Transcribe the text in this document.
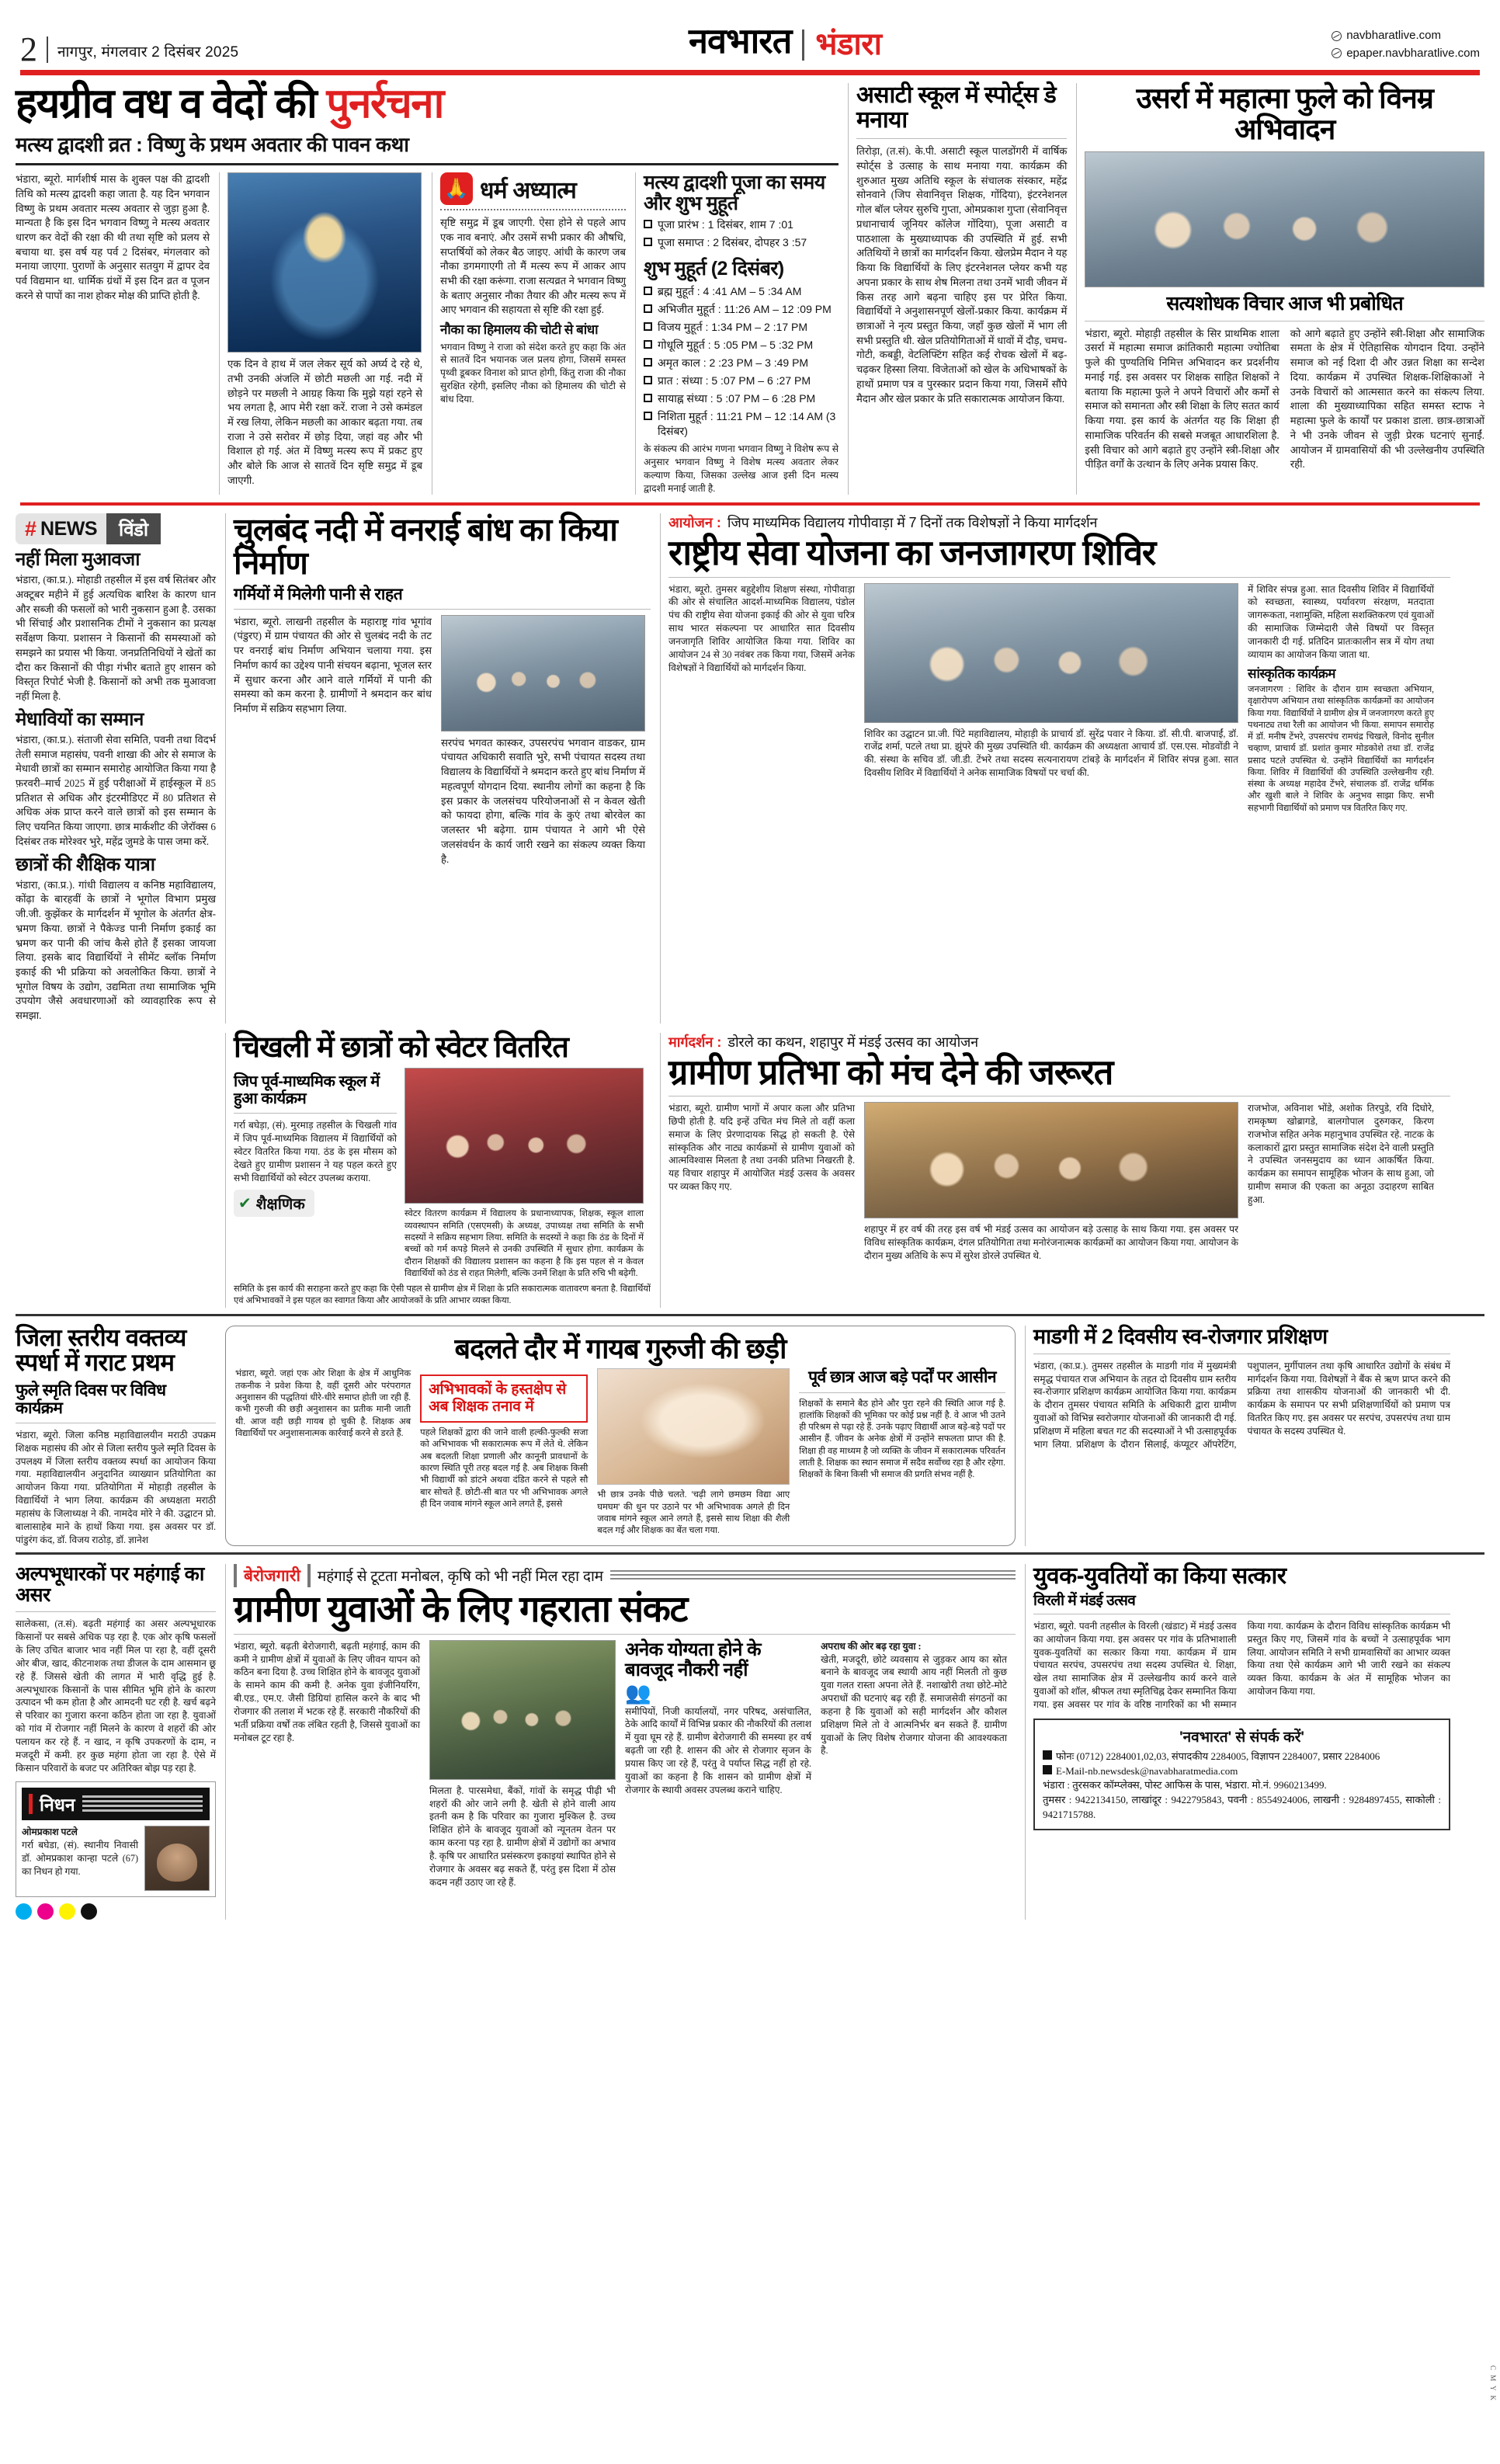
2 नागपुर, मंगलवार 2 दिसंबर 2025	नवभारत भंडारा	navbharatlive.com
epaper.navbharatlive.com
हयग्रीव वध व वेदों की पुनर्रचना
मत्स्य द्वादशी व्रत : विष्णु के प्रथम अवतार की पावन कथा
भंडारा, ब्यूरो. मार्गशीर्ष मास के शुक्ल पक्ष की द्वादशी तिथि को मत्स्य द्वादशी कहा जाता है. यह दिन भगवान विष्णु के प्रथम अवतार मत्स्य अवतार से जुड़ा हुआ है. मान्यता है कि इस दिन भगवान विष्णु ने मत्स्य अवतार धारण कर वेदों की रक्षा की थी तथा सृष्टि को प्रलय से बचाया था. इस वर्ष यह पर्व 2 दिसंबर, मंगलवार को मनाया जाएगा. पुराणों के अनुसार सतयुग में द्वापर देव पर्व विद्यमान था. धार्मिक ग्रंथों में इस दिन व्रत व पूजन करने से पापों का नाश होकर मोक्ष की प्राप्ति होती है.
एक दिन वे हाथ में जल लेकर सूर्य को अर्घ्य दे रहे थे, तभी उनकी अंजलि में छोटी मछली आ गई. नदी में छोड़ने पर मछली ने आग्रह किया कि मुझे यहां रहने से भय लगता है, आप मेरी रक्षा करें. राजा ने उसे कमंडल में रख लिया, लेकिन मछली का आकार बढ़ता गया. तब राजा ने उसे सरोवर में छोड़ दिया, जहां वह और भी विशाल हो गई. अंत में विष्णु मत्स्य रूप में प्रकट हुए और बोले कि आज से सातवें दिन सृष्टि समुद्र में डूब जाएगी.
🙏 धर्म अध्यात्म
सृष्टि समुद्र में डूब जाएगी. ऐसा होने से पहले आप एक नाव बनाएं. और उसमें सभी प्रकार की औषधि, सप्तर्षियों को लेकर बैठ जाइए. आंधी के कारण जब नौका डगमगाएगी तो मैं मत्स्य रूप में आकर आप सभी की रक्षा करूंगा. राजा सत्यव्रत ने भगवान विष्णु के बताए अनुसार नौका तैयार की और मत्स्य रूप में आए भगवान की सहायता से सृष्टि की रक्षा हुई.
नौका का हिमालय की चोटी से बांधा
भगवान विष्णु ने राजा को संदेश करते हुए कहा कि अंत से सातवें दिन भयानक जल प्रलय होगा, जिसमें समस्त पृथ्वी डूबकर विनाश को प्राप्त होगी, किंतु राजा की नौका सुरक्षित रहेगी, इसलिए नौका को हिमालय की चोटी से बांध दिया.
मत्स्य द्वादशी पूजा का समय और शुभ मुहूर्त
पूजा प्रारंभ : 1 दिसंबर, शाम 7 :01
पूजा समाप्त : 2 दिसंबर, दोपहर 3 :57
शुभ मुहूर्त (2 दिसंबर)
ब्रह्म मुहूर्त : 4 :41 AM – 5 :34 AM
अभिजीत मुहूर्त : 11:26 AM – 12 :09 PM
विजय मुहूर्त : 1:34 PM – 2 :17 PM
गोधूलि मुहूर्त : 5 :05 PM – 5 :32 PM
अमृत काल : 2 :23 PM – 3 :49 PM
प्रात : संध्या : 5 :07 PM – 6 :27 PM
सायाह्न संध्या : 5 :07 PM – 6 :28 PM
निशिता मुहूर्त : 11:21 PM – 12 :14 AM (3 दिसंबर)
के संकल्प की आरंभ गणना भगवान विष्णु ने विशेष रूप से अनुसार भगवान विष्णु ने विशेष मत्स्य अवतार लेकर कल्याण किया, जिसका उल्लेख आज इसी दिन मत्स्य द्वादशी मनाई जाती है.
असाटी स्कूल में स्पोर्ट्स डे मनाया
तिरोड़ा, (त.सं). के.पी. असाटी स्कूल पालडोंगरी में वार्षिक स्पोर्ट्स डे उत्साह के साथ मनाया गया. कार्यक्रम की शुरुआत मुख्य अतिथि स्कूल के संचालक संस्कार, महेंद्र सोनवाने (जिप सेवानिवृत्त शिक्षक, गोंदिया), इंटरनेशनल गोल बॉल प्लेयर सुरुचि गुप्ता, ओमप्रकाश गुप्ता (सेवानिवृत्त प्रधानाचार्य जूनियर कॉलेज गोंदिया), पूजा असाटी व पाठशाला के मुख्याध्यापक की उपस्थिति में हुई. सभी अतिथियों ने छात्रों का मार्गदर्शन किया. खेलप्रेम मैदान ने यह किया कि विद्यार्थियों के लिए इंटरनेशनल प्लेयर कभी यह अपना प्रकार के साथ शेष मिलना तथा उनमें भावी जीवन में किस तरह आगे बढ़ना चाहिए इस पर प्रेरित किया. विद्यार्थियों ने अनुशासनपूर्ण खेलों-प्रकार किया. कार्यक्रम में छात्राओं ने नृत्य प्रस्तुत किया, जहाँ कुछ खेलों में भाग ली सभी प्रस्तुति थी. खेल प्रतियोगिताओं में धावों में दौड़, चमच-गोटी, कबड्डी, वेटलिफ्टिंग सहित कई रोचक खेलों में बढ़-चढ़कर हिस्सा लिया. विजेताओं को खेल के अधिभाषकों के हाथों प्रमाण पत्र व पुरस्कार प्रदान किया गया, जिसमें सौंपे मैदान और खेल प्रकार के प्रति सकारात्मक आयोजन किया.
उसर्रा में महात्मा फुले को विनम्र अभिवादन
सत्यशोधक विचार आज भी प्रबोधित
भंडारा, ब्यूरो. मोहाड़ी तहसील के सिर प्राथमिक शाला उसर्रा में महात्मा समाज क्रांतिकारी महात्मा ज्योतिबा फुले की पुण्यतिथि निमित्त अभिवादन कर प्रदर्शनीय मनाई गई. इस अवसर पर शिक्षक साहित शिक्षकों ने बताया कि महात्मा फुले ने अपने विचारों और कर्मों से समाज को समानता और स्त्री शिक्षा के लिए सतत कार्य किया गया. इस कार्य के अंतर्गत यह कि शिक्षा ही सामाजिक परिवर्तन की सबसे मजबूत आधारशिला है. इसी विचार को आगे बढ़ाते हुए उन्होंने स्त्री-शिक्षा और पीड़ित वर्गों के उत्थान के लिए अनेक प्रयास किए.
को आगे बढ़ाते हुए उन्होंने स्त्री-शिक्षा और सामाजिक समता के क्षेत्र में ऐतिहासिक योगदान दिया. उन्होंने समाज को नई दिशा दी और उन्नत शिक्षा का सन्देश दिया. कार्यक्रम में उपस्थित शिक्षक-शिक्षिकाओं ने उनके विचारों को आत्मसात करने का संकल्प लिया. शाला की मुख्याध्यापिका सहित समस्त स्टाफ ने महात्मा फुले के कार्यों पर प्रकाश डाला. छात्र-छात्राओं ने भी उनके जीवन से जुड़ी प्रेरक घटनाएं सुनाईं. आयोजन में ग्रामवासियों की भी उल्लेखनीय उपस्थिति रही.
# NEWS	विंडो
नहीं मिला मुआवजा
भंडारा, (का.प्र.). मोहाडी तहसील में इस वर्ष सितंबर और अक्टूबर महीने में हुई अत्यधिक बारिश के कारण धान और सब्जी की फसलों को भारी नुकसान हुआ है. उसका भी सिंचाई और प्रशासनिक टीमों ने नुकसान का प्रत्यक्ष सर्वेक्षण किया. प्रशासन ने किसानों की समस्याओं को समझने का प्रयास भी किया. जनप्रतिनिधियों ने खेतों का दौरा कर किसानों की पीड़ा गंभीर बताते हुए शासन को विस्तृत रिपोर्ट भेजी है. किसानों को अभी तक मुआवजा नहीं मिला है.
मेधावियों का सम्मान
भंडारा, (का.प्र.). संताजी सेवा समिति, पवनी तथा विदर्भ तेली समाज महासंघ, पवनी शाखा की ओर से समाज के मेधावी छात्रों का सम्मान समारोह आयोजित किया गया है फ़रवरी–मार्च 2025 में हुई परीक्षाओं में हाईस्कूल में 85 प्रतिशत से अधिक और इंटरमीडिएट में 80 प्रतिशत से अधिक अंक प्राप्त करने वाले छात्रों को इस सम्मान के लिए चयनित किया जाएगा. छात्र मार्कशीट की जेरॉक्स 6 दिसंबर तक मोरेश्वर भुरे, महेंद्र जुमडे के पास जमा करें.
छात्रों की शैक्षिक यात्रा
भंडारा, (का.प्र.). गांधी विद्यालय व कनिष्ठ महाविद्यालय, कोंढ़ा के बारहवीं के छात्रों ने भूगोल विभाग प्रमुख जी.जी. कुझेंकर के मार्गदर्शन में भूगोल के अंतर्गत क्षेत्र-भ्रमण किया. छात्रों ने पैकेज्ड पानी निर्माण इकाई का भ्रमण कर पानी की जांच कैसे होते हैं इसका जायजा लिया. इसके बाद विद्यार्थियों ने सीमेंट ब्लॉक निर्माण इकाई की भी प्रक्रिया को अवलोकित किया. छात्रों ने भूगोल विषय के उद्योग, उद्यमिता तथा सामाजिक भूमि उपयोग जैसे अवधारणाओं को व्यावहारिक रूप से समझा.
चुलबंद नदी में वनराई बांध का किया निर्माण
गर्मियों में मिलेगी पानी से राहत
भंडारा, ब्यूरो. लाखनी तहसील के महाराष्ट्र गांव भूगांव (पंडुरए) में ग्राम पंचायत की ओर से चुलबंद नदी के तट पर वनराई बांध निर्माण अभियान चलाया गया. इस निर्माण कार्य का उद्देश्य पानी संचयन बढ़ाना, भूजल स्तर में सुधार करना और आने वाले गर्मियों में पानी की समस्या को कम करना है. ग्रामीणों ने श्रमदान कर बांध निर्माण में सक्रिय सहभाग लिया.
सरपंच भगवत कास्कर, उपसरपंच भगवान वाडकर, ग्राम पंचायत अधिकारी सवाति भुरे, सभी पंचायत सदस्य तथा विद्यालय के विद्यार्थियों ने श्रमदान करते हुए बांध निर्माण में महत्वपूर्ण योगदान दिया. स्थानीय लोगों का कहना है कि इस प्रकार के जलसंचय परियोजनाओं से न केवल खेती को फायदा होगा, बल्कि गांव के कुएं तथा बोरवेल का जलस्तर भी बढ़ेगा. ग्राम पंचायत ने आगे भी ऐसे जलसंवर्धन के कार्य जारी रखने का संकल्प व्यक्त किया है.
आयोजन : जिप माध्यमिक विद्यालय गोपीवाड़ा में 7 दिनों तक विशेषज्ञों ने किया मार्गदर्शन
राष्ट्रीय सेवा योजना का जनजागरण शिविर
भंडारा, ब्यूरो. तुमसर बहुद्देशीय शिक्षण संस्था, गोपीवाड़ा की ओर से संचालित आदर्श-माध्यमिक विद्यालय, पंडोल पंच की राष्ट्रीय सेवा योजना इकाई की ओर से युवा चरित्र साथ भारत संकल्पना पर आधारित सात दिवसीय जनजागृति शिविर आयोजित किया गया. शिविर का आयोजन 24 से 30 नवंबर तक किया गया, जिसमें अनेक विशेषज्ञों ने विद्यार्थियों को मार्गदर्शन किया.
शिविर का उद्घाटन प्रा.जी. पिंटे महाविद्यालय, मोहाड़ी के प्राचार्य डॉ. सुरेंद्र पवार ने किया. डॉ. सी.पी. बाजपाईं, डॉ. राजेंद्र शर्मा, पटले तथा प्रा. झुंपरे की मुख्य उपस्थिति थी. कार्यक्रम की अध्यक्षता आचार्य डॉ. एस.एस. मोडवोंडी ने की. संस्था के सचिव डॉ. जी.डी. टेंभरे तथा सदस्य सत्यनारायण टांबड़े के मार्गदर्शन में शिविर संपन्न हुआ. सात दिवसीय शिविर में विद्यार्थियों ने अनेक सामाजिक विषयों पर चर्चा की.
में शिविर संपन्न हुआ. सात दिवसीय शिविर में विद्यार्थियों को स्वच्छता, स्वास्थ्य, पर्यावरण संरक्षण, मतदाता जागरूकता, नशामुक्ति, महिला सशक्तिकरण एवं युवाओं की सामाजिक जिम्मेदारी जैसे विषयों पर विस्तृत जानकारी दी गई. प्रतिदिन प्रातःकालीन सत्र में योग तथा व्यायाम का आयोजन किया जाता था.
सांस्कृतिक कार्यक्रम
जनजागरण : शिविर के दौरान ग्राम स्वच्छता अभियान, वृक्षारोपण अभियान तथा सांस्कृतिक कार्यक्रमों का आयोजन किया गया. विद्यार्थियों ने ग्रामीण क्षेत्र में जनजागरण करते हुए पथनाट्य तथा रैली का आयोजन भी किया. समापन समारोह में डॉ. मनीष टेंभरे, उपसरपंच रामचंद्र चिखले, विनोद सुनील चव्हाण, प्राचार्य डॉ. प्रशांत कुमार मोडकोशे तथा डॉ. राजेंद्र प्रसाद पटले उपस्थित थे. उन्होंने विद्यार्थियों का मार्गदर्शन किया. शिविर में विद्यार्थियों की उपस्थिति उल्लेखनीय रही. संस्था के अध्यक्ष महादेव टेंभरे, संचालक डॉ. राजेंद्र धर्मिक और खुशी बाले ने शिविर के अनुभव साझा किए. सभी सहभागी विद्यार्थियों को प्रमाण पत्र वितरित किए गए.
चिखली में छात्रों को स्वेटर वितरित
जिप पूर्व-माध्यमिक स्कूल में हुआ कार्यक्रम
गर्रा बघेड़ा, (सं). मुरमाड़ तहसील के चिखली गांव में जिप पूर्व-माध्यमिक विद्यालय में विद्यार्थियों को स्वेटर वितरित किया गया. ठंड के इस मौसम को देखते हुए ग्रामीण प्रशासन ने यह पहल करते हुए सभी विद्यार्थियों को स्वेटर उपलब्ध कराया.
✔ शैक्षणिक
स्वेटर वितरण कार्यक्रम में विद्यालय के प्रधानाध्यापक, शिक्षक, स्कूल शाला व्यवस्थापन समिति (एसएमसी) के अध्यक्ष, उपाध्यक्ष तथा समिति के सभी सदस्यों ने सक्रिय सहभाग लिया. समिति के सदस्यों ने कहा कि ठंड के दिनों में बच्चों को गर्म कपड़े मिलने से उनकी उपस्थिति में सुधार होगा. कार्यक्रम के दौरान शिक्षकों की विद्यालय प्रशासन का कहना है कि इस पहल से न केवल विद्यार्थियों को ठंड से राहत मिलेगी, बल्कि उनमें शिक्षा के प्रति रुचि भी बढ़ेगी.
समिति के इस कार्य की सराहना करते हुए कहा कि ऐसी पहल से ग्रामीण क्षेत्र में शिक्षा के प्रति सकारात्मक वातावरण बनता है. विद्यार्थियों एवं अभिभावकों ने इस पहल का स्वागत किया और आयोजकों के प्रति आभार व्यक्त किया.
मार्गदर्शन : डोरले का कथन, शहापुर में मंडई उत्सव का आयोजन
ग्रामीण प्रतिभा को मंच देने की जरूरत
भंडारा, ब्यूरो. ग्रामीण भागों में अपार कला और प्रतिभा छिपी होती है. यदि इन्हें उचित मंच मिले तो वहीं कला समाज के लिए प्रेरणादायक सिद्ध हो सकती है. ऐसे सांस्कृतिक और नाट्य कार्यक्रमों से ग्रामीण युवाओं को आत्मविश्वास मिलता है तथा उनकी प्रतिभा निखरती है. यह विचार शहापुर में आयोजित मंडई उत्सव के अवसर पर व्यक्त किए गए.
शहापुर में हर वर्ष की तरह इस वर्ष भी मंडई उत्सव का आयोजन बड़े उत्साह के साथ किया गया. इस अवसर पर विविध सांस्कृतिक कार्यक्रम, दंगल प्रतियोगिता तथा मनोरंजनात्मक कार्यक्रमों का आयोजन किया गया. आयोजन के दौरान मुख्य अतिथि के रूप में सुरेश डोरले उपस्थित थे.
राजभोज, अविनाश भोंडे, अशोक तिरपुडे, रवि दिघोरे, रामकृष्ण खोब्रागडे, बालगोपाल दुरुगकर, किरण राजभोज सहित अनेक महानुभाव उपस्थित रहे. नाटक के कलाकारों द्वारा प्रस्तुत सामाजिक संदेश देने वाली प्रस्तुति ने उपस्थित जनसमुदाय का ध्यान आकर्षित किया. कार्यक्रम का समापन सामूहिक भोजन के साथ हुआ, जो ग्रामीण समाज की एकता का अनूठा उदाहरण साबित हुआ.
जिला स्तरीय वक्तव्य स्पर्धा में गराट प्रथम
फुले स्मृति दिवस पर विविध कार्यक्रम
भंडारा, ब्यूरो. जिला कनिष्ठ महाविद्यालयीन मराठी उपक्रम शिक्षक महासंघ की ओर से जिला स्तरीय फुले स्मृति दिवस के उपलक्ष्य में जिला स्तरीय वक्तव्य स्पर्धा का आयोजन किया गया. महाविद्यालयीन अनुदानित व्याख्यान प्रतियोगिता का आयोजन किया गया. प्रतियोगिता में मोहाड़ी तहसील के विद्यार्थियों ने भाग लिया. कार्यक्रम की अध्यक्षता मराठी महासंघ के जिलाध्यक्ष ने की. नामदेव मोरे ने की. उद्घाटन प्रो. बालासाहेब माने के हाथों किया गया. इस अवसर पर डॉ. पांडुरंग कंद, डॉ. विजय राठोड़, डॉ. ज्ञानेश
बदलते दौर में गायब गुरुजी की छड़ी
भंडारा, ब्यूरो. जहां एक ओर शिक्षा के क्षेत्र में आधुनिक तकनीक ने प्रवेश किया है, वहीं दूसरी ओर परंपरागत अनुशासन की पद्धतियां धीरे-धीरे समाप्त होती जा रही हैं. कभी गुरुजी की छड़ी अनुशासन का प्रतीक मानी जाती थी. आज वही छड़ी गायब हो चुकी है. शिक्षक अब विद्यार्थियों पर अनुशासनात्मक कार्रवाई करने से डरते हैं.
अभिभावकों के हस्तक्षेप से अब शिक्षक तनाव में
पहले शिक्षकों द्वारा की जाने वाली हल्की-फुल्की सजा को अभिभावक भी सकारात्मक रूप में लेते थे. लेकिन अब बदलती शिक्षा प्रणाली और कानूनी प्रावधानों के कारण स्थिति पूरी तरह बदल गई है. अब शिक्षक किसी भी विद्यार्थी को डांटने अथवा दंडित करने से पहले सौ बार सोचते हैं. छोटी-सी बात पर भी अभिभावक अगले ही दिन जवाब मांगने स्कूल आने लगते हैं, इससे
भी छात्र उनके पीछे चलते. 'चढ़ी लागे छमछम विद्या आए घमघम' की धुन पर उठाने पर भी अभिभावक अगले ही दिन जवाब मांगने स्कूल आने लगते हैं, इससे साथ शिक्षा की शैली बदल गई और शिक्षक का बेंत चला गया.
पूर्व छात्र आज बड़े पर्दों पर आसीन
शिक्षकों के समाने बैठ होने और पुरा रहने की स्थिति आज गई है. हालांकि शिक्षकों की भूमिका पर कोई प्रश्न नहीं है. वे आज भी उतने ही परिश्रम से पढ़ा रहे हैं. उनके पढ़ाए विद्यार्थी आज बड़े-बड़े पदों पर आसीन हैं. जीवन के अनेक क्षेत्रों में उन्होंने सफलता प्राप्त की है. शिक्षा ही वह माध्यम है जो व्यक्ति के जीवन में सकारात्मक परिवर्तन लाती है. शिक्षक का स्थान समाज में सदैव सर्वोच्च रहा है और रहेगा. शिक्षकों के बिना किसी भी समाज की प्रगति संभव नहीं है.
माडगी में 2 दिवसीय स्व-रोजगार प्रशिक्षण
भंडारा, (का.प्र.). तुमसर तहसील के माडगी गांव में मुख्यमंत्री समृद्ध पंचायत राज अभियान के तहत दो दिवसीय ग्राम स्तरीय स्व-रोजगार प्रशिक्षण कार्यक्रम आयोजित किया गया. कार्यक्रम के दौरान तुमसर पंचायत समिति के अधिकारी द्वारा ग्रामीण युवाओं को विभिन्न स्वरोजगार योजनाओं की जानकारी दी गई. प्रशिक्षण में महिला बचत गट की सदस्याओं ने भी उत्साहपूर्वक भाग लिया. प्रशिक्षण के दौरान सिलाई, कंप्यूटर ऑपरेटिंग, पशुपालन, मुर्गीपालन तथा कृषि आधारित उद्योगों के संबंध में मार्गदर्शन किया गया. विशेषज्ञों ने बैंक से ऋण प्राप्त करने की प्रक्रिया तथा शासकीय योजनाओं की जानकारी भी दी. कार्यक्रम के समापन पर सभी प्रशिक्षणार्थियों को प्रमाण पत्र वितरित किए गए. इस अवसर पर सरपंच, उपसरपंच तथा ग्राम पंचायत के सदस्य उपस्थित थे.
अल्पभूधारकों पर महंगाई का असर
सालेकसा, (त.सं). बढ़ती महंगाई का असर अल्पभूधारक किसानों पर सबसे अधिक पड़ रहा है. एक ओर कृषि फसलों के लिए उचित बाजार भाव नहीं मिल पा रहा है, वहीं दूसरी ओर बीज, खाद, कीटनाशक तथा डीजल के दाम आसमान छू रहे हैं. जिससे खेती की लागत में भारी वृद्धि हुई है. अल्पभूधारक किसानों के पास सीमित भूमि होने के कारण उत्पादन भी कम होता है और आमदनी घट रही है. खर्च बढ़ने से परिवार का गुजारा करना कठिन होता जा रहा है. युवाओं को गांव में रोजगार नहीं मिलने के कारण वे शहरों की ओर पलायन कर रहे हैं. न खाद, न कृषि उपकरणों के दाम, न मजदूरी में कमी. हर कुछ महंगा होता जा रहा है. ऐसे में किसान परिवारों के बजट पर अतिरिक्त बोझ पड़ रहा है.
निधन
ओमप्रकाश पटले
गर्रा बघेडा, (सं). स्थानीय निवासी डॉ. ओमप्रकाश कान्हा पटले (67) का निधन हो गया.
बेरोजगारी	महंगाई से टूटता मनोबल, कृषि को भी नहीं मिल रहा दाम
ग्रामीण युवाओं के लिए गहराता संकट
भंडारा, ब्यूरो. बढ़ती बेरोजगारी, बढ़ती महंगाई, काम की कमी ने ग्रामीण क्षेत्रों में युवाओं के लिए जीवन यापन को कठिन बना दिया है. उच्च शिक्षित होने के बावजूद युवाओं के सामने काम की कमी है. अनेक युवा इंजीनियरिंग, बी.एड., एम.ए. जैसी डिग्रियां हासिल करने के बाद भी रोजगार की तलाश में भटक रहे हैं. सरकारी नौकरियों की भर्ती प्रक्रिया वर्षों तक लंबित रहती है, जिससे युवाओं का मनोबल टूट रहा है.
मिलता है. पारसमेधा, बैंकों, गांवों के समृद्ध पीढ़ी भी शहरों की ओर जाने लगी है. खेती से होने वाली आय इतनी कम है कि परिवार का गुजारा मुश्किल है. उच्च शिक्षित होने के बावजूद युवाओं को न्यूनतम वेतन पर काम करना पड़ रहा है. ग्रामीण क्षेत्रों में उद्योगों का अभाव है. कृषि पर आधारित प्रसंस्करण इकाइयां स्थापित होने से रोजगार के अवसर बढ़ सकते हैं, परंतु इस दिशा में ठोस कदम नहीं उठाए जा रहे हैं.
अनेक योग्यता होने के बावजूद नौकरी नहीं
👥
समीपियों, निजी कार्यालयों, नगर परिषद, असंचालित, ठेके आदि कार्यों में विभिन्न प्रकार की नौकरियों की तलाश में युवा घूम रहे हैं. ग्रामीण बेरोजगारी की समस्या हर वर्ष बढ़ती जा रही है. शासन की ओर से रोजगार सृजन के प्रयास किए जा रहे हैं, परंतु वे पर्याप्त सिद्ध नहीं हो रहे. युवाओं का कहना है कि शासन को ग्रामीण क्षेत्रों में रोजगार के स्थायी अवसर उपलब्ध कराने चाहिए.
अपराध की ओर बढ़ रहा युवा :
खेती, मजदूरी, छोटे व्यवसाय से जुड़कर आय का स्रोत बनाने के बावजूद जब स्थायी आय नहीं मिलती तो कुछ युवा गलत रास्ता अपना लेते हैं. नशाखोरी तथा छोटे-मोटे अपराधों की घटनाएं बढ़ रही हैं. समाजसेवी संगठनों का कहना है कि युवाओं को सही मार्गदर्शन और कौशल प्रशिक्षण मिले तो वे आत्मनिर्भर बन सकते हैं. ग्रामीण युवाओं के लिए विशेष रोजगार योजना की आवश्यकता है.
युवक-युवतियों का किया सत्कार
विरली में मंडई उत्सव
भंडारा, ब्यूरो. पवनी तहसील के विरली (खंडाट) में मंडई उत्सव का आयोजन किया गया. इस अवसर पर गांव के प्रतिभाशाली युवक-युवतियों का सत्कार किया गया. कार्यक्रम में ग्राम पंचायत सरपंच, उपसरपंच तथा सदस्य उपस्थित थे. शिक्षा, खेल तथा सामाजिक क्षेत्र में उल्लेखनीय कार्य करने वाले युवाओं को शॉल, श्रीफल तथा स्मृतिचिह्न देकर सम्मानित किया गया. इस अवसर पर गांव के वरिष्ठ नागरिकों का भी सम्मान किया गया. कार्यक्रम के दौरान विविध सांस्कृतिक कार्यक्रम भी प्रस्तुत किए गए, जिसमें गांव के बच्चों ने उत्साहपूर्वक भाग लिया. आयोजन समिति ने सभी ग्रामवासियों का आभार व्यक्त किया तथा ऐसे कार्यक्रम आगे भी जारी रखने का संकल्प व्यक्त किया. कार्यक्रम के अंत में सामूहिक भोजन का आयोजन किया गया.
'नवभारत' से संपर्क करें'

फोनः (0712) 2284001,02,03, संपादकीय 2284005, विज्ञापन 2284007, प्रसार 2284006

E-Mail-nb.newsdesk@navabharatmedia.com

भंडारा : तुरसकर कॉम्प्लेक्स, पोस्ट आफिस के पास, भंडारा. मो.नं. 9960213499.

तुमसर : 9422134150, लाखांदूर : 9422795843, पवनी : 8554924006, लाखनी : 9284897455, साकोली : 9421715788.

C M Y K
